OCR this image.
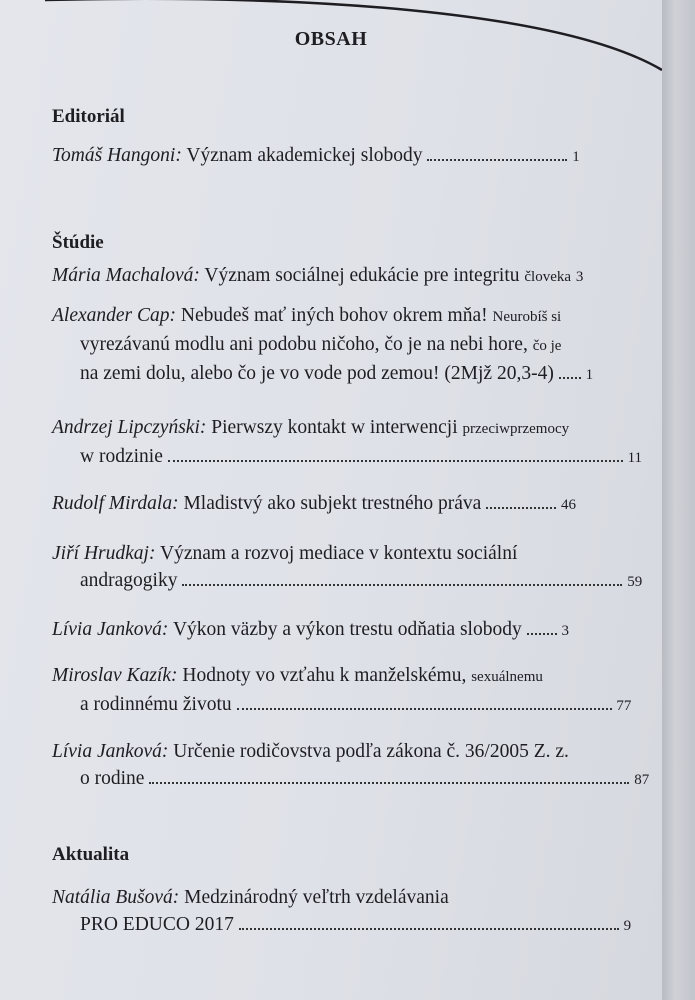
OBSAH
Editoriál
Tomáš Hangoni: Význam akademickej slobody	1
Štúdie
Mária Machalová: Význam sociálnej edukácie pre integritu človeka 3
Alexander Cap: Nebudeš mať iných bohov okrem mňa! Neurobíš si
vyrezávanú modlu ani podobu ničoho, čo je na nebi hore, čo je
na zemi dolu, alebo čo je vo vode pod zemou! (2Mjž 20,3-4) 1
Andrzej Lipczyński: Pierwszy kontakt w interwencji przeciwprzemocy
w rodzinie	11
Rudolf Mirdala: Mladistvý ako subjekt trestného práva	46
Jiří Hrudkaj: Význam a rozvoj mediace v kontextu sociální
andragogiky	59
Lívia Janková: Výkon väzby a výkon trestu odňatia slobody	3
Miroslav Kazík: Hodnoty vo vzťahu k manželskému, sexuálnemu
a rodinnému životu	77
Lívia Janková: Určenie rodičovstva podľa zákona č. 36/2005 Z. z.
o rodine	87
Aktualita
Natália Bušová: Medzinárodný veľtrh vzdelávania
PRO EDUCO 2017	9
